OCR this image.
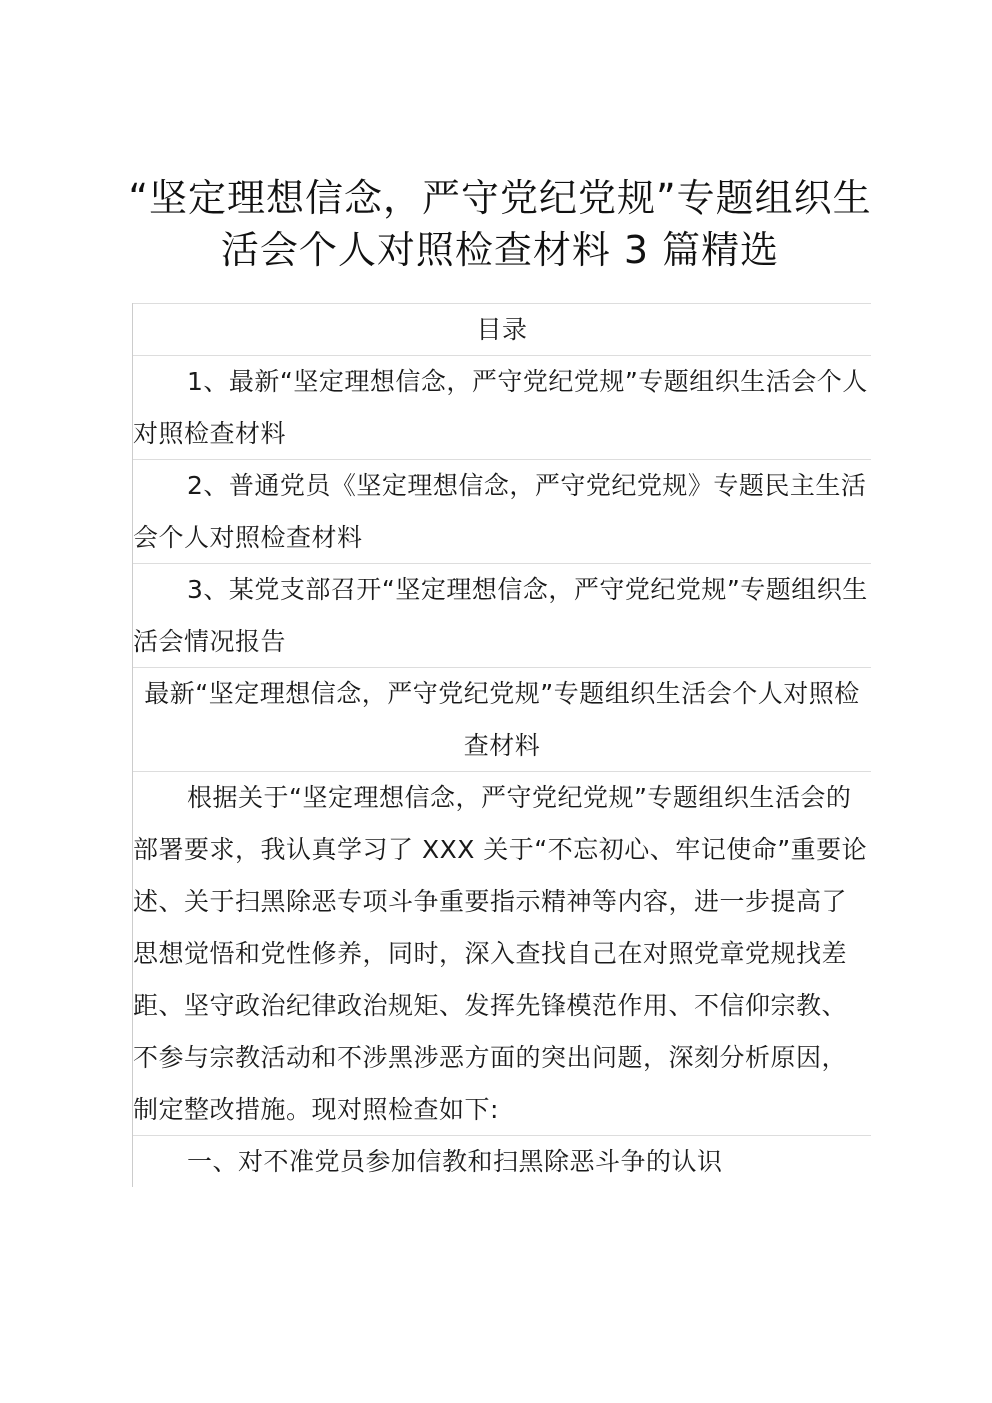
“坚定理想信念，严守党纪党规”专题组织生活会个人对照检查材料 3 篇精选

目录

1、最新“坚定理想信念，严守党纪党规”专题组织生活会个人对照检查材料

2、普通党员《坚定理想信念，严守党纪党规》专题民主生活会个人对照检查材料

3、某党支部召开“坚定理想信念，严守党纪党规”专题组织生活会情况报告

最新“坚定理想信念，严守党纪党规”专题组织生活会个人对照检查材料

根据关于“坚定理想信念，严守党纪党规”专题组织生活会的部署要求，我认真学习了 XXX 关于“不忘初心、牢记使命”重要论述、关于扫黑除恶专项斗争重要指示精神等内容，进一步提高了思想觉悟和党性修养，同时，深入查找自己在对照党章党规找差距、坚守政治纪律政治规矩、发挥先锋模范作用、不信仰宗教、不参与宗教活动和不涉黑涉恶方面的突出问题，深刻分析原因，制定整改措施。现对照检查如下:

一、对不准党员参加信教和扫黑除恶斗争的认识
